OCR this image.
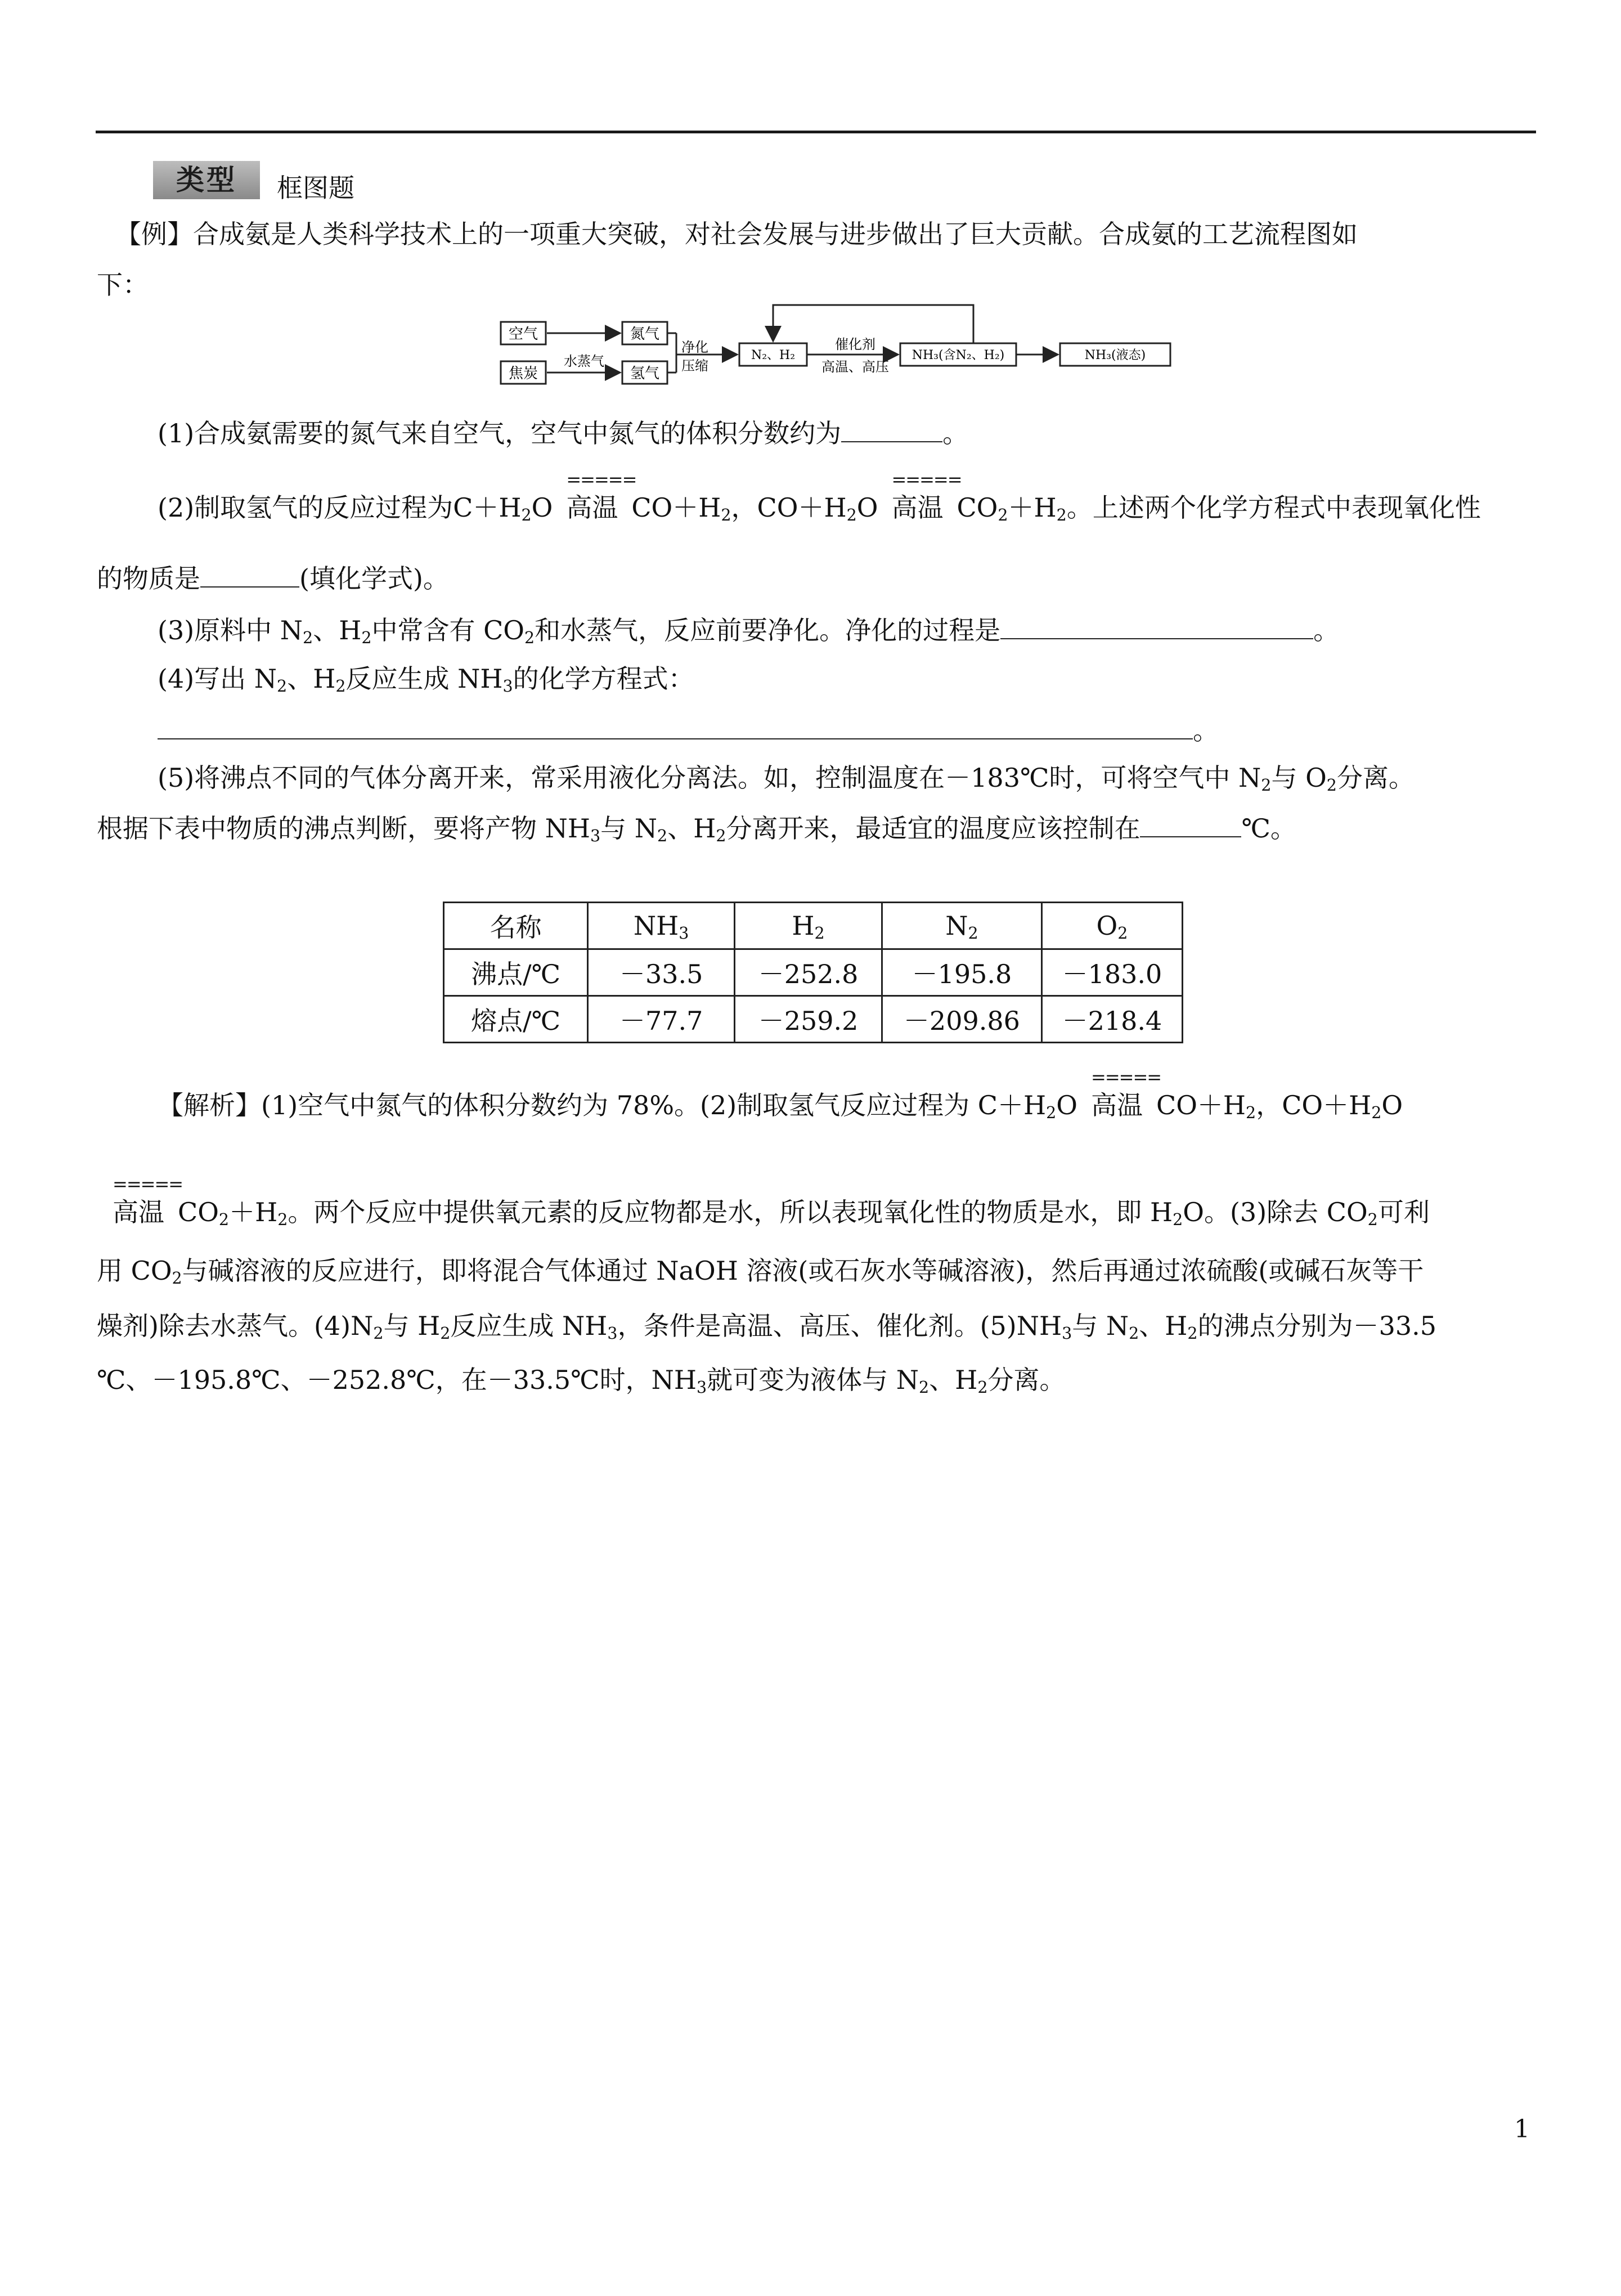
类型	框图题
【例】合成氨是人类科学技术上的一项重大突破，对社会发展与进步做出了巨大贡献。合成氨的工艺流程图如
下：
空气	氮气
焦炭
水蒸气
氢气
净化
压缩
N₂、H₂
催化剂
高温、高压
NH₃(含N₂、H₂)	NH₃(液态)
(1)合成氨需要的氮气来自空气，空气中氮气的体积分数约为	。
(2)制取氢气的反应过程为$C+H_2O$
=====
高温 $CO+H_2$，$CO+H_2O$
=====
高温 $CO_2+H_2$。上述两个化学方程式中表现氧化性
的物质是	(填化学式)。
(3)原料中 $N_2$、$H_2$中常含有 $CO_2$和水蒸气，反应前要净化。净化的过程是	。
(4)写出 $N_2$、$H_2$反应生成 $NH_3$的化学方程式：
。
(5)将沸点不同的气体分离开来，常采用液化分离法。如，控制温度在－183℃时，可将空气中 $N_2$与 $O_2$分离。
根据下表中物质的沸点判断，要将产物 $NH_3$与 $N_2$、$H_2$分离开来，最适宜的温度应该控制在	℃。
名称	$NH_3$	$H_2$	$N_2$	$O_2$
沸点/℃	－33.5	－252.8	－195.8	－183.0
熔点/℃	－77.7	－259.2	－209.86	－218.4
【解析】(1)空气中氮气的体积分数约为 78%。(2)制取氢气反应过程为 $C+H_2O$
=====
高温 $CO+H_2$，$CO+H_2O$
=====
高温 $CO_2+H_2$。两个反应中提供氧元素的反应物都是水，所以表现氧化性的物质是水，即 $H_2O$。(3)除去 $CO_2$可利
用 $CO_2$与碱溶液的反应进行，即将混合气体通过 NaOH 溶液(或石灰水等碱溶液)，然后再通过浓硫酸(或碱石灰等干
燥剂)除去水蒸气。$(4)N_2$与 $H_2$反应生成 $NH_3$，条件是高温、高压、催化剂。$(5)NH_3$与 $N_2$、$H_2$的沸点分别为－33.5
℃、－195.8℃、－252.8℃，在－33.5℃时，$NH_3$就可变为液体与 $N_2$、$H_2$分离。
1
